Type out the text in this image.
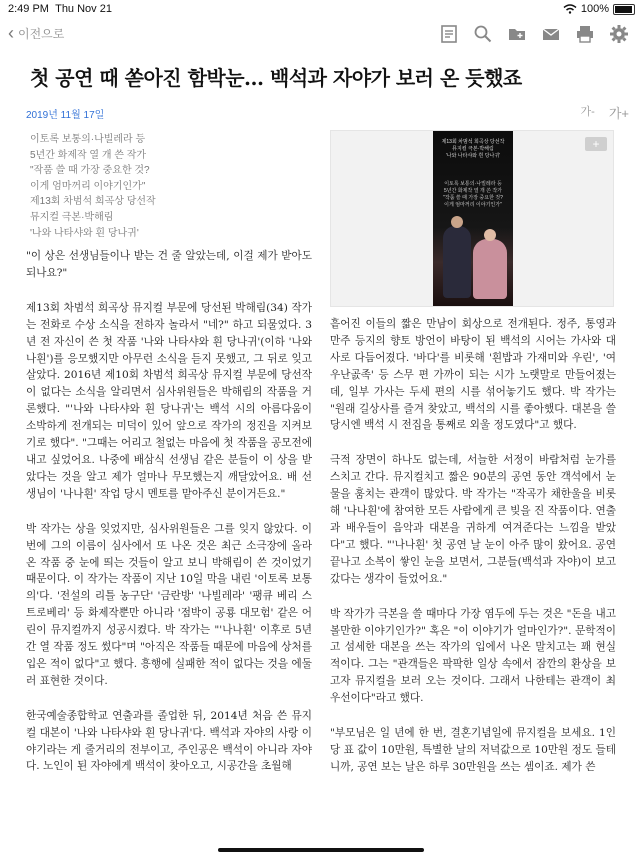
2:49 PM Thu Nov 21	100%
‹ 이전으로
첫 공연 때 쏟아진 함박눈… 백석과 자야가 보러 온 듯했죠
2019년 11월 17일	가- 가+
이토록 보통의·나빌레라 등
5년간 화제작 열 개 쓴 작가
"작품 쓸 때 가장 중요한 것?
이게 엄마꺼리 이야기인가"
제13회 차범석 희곡상 당선작
뮤지컬 극본·박해림
'나와 나타샤와 흰 당나귀'

"이 상은 선생님들이나 받는 건 줄 알았는데, 이걸 제가 받아도 되나요?"

제13회 차범석 희곡상 뮤지컬 부문에 당선된 박해림(34) 작가는 전화로 수상 소식을 전하자 놀라서 "네?" 하고 되물었다. 3년 전 자신이 쓴 첫 작품 '나와 나타샤와 흰 당나귀'(이하 '나와 나흰')를 응모했지만 아무런 소식을 듣지 못했고, 그 뒤로 잊고 살았다. 2016년 제10회 차범석 희곡상 뮤지컬 부문에 당선작이 없다는 소식을 알리면서 심사위원들은 박해림의 작품을 거론했다. "'나와 나타샤와 흰 당나귀'는 백석 시의 아름다움이 소박하게 전개되는 미덕이 있어 앞으로 작가의 정진을 지켜보기로 했다". "그때는 어리고 철없는 마음에 첫 작품을 공모전에 내고 싶었어요. 나중에 배삼식 선생님 같은 분들이 이 상을 받았다는 것을 알고 제가 얼마나 무모했는지 깨달았어요. 배 선생님이 '나나흰' 작업 당시 멘토를 맡아주신 분이거든요."

박 작가는 상을 잊었지만, 심사위원들은 그를 잊지 않았다. 이번에 그의 이름이 심사에서 또 나온 것은 최근 소극장에 올라온 작품 중 눈에 띄는 것들이 알고 보니 박해림이 쓴 것이었기 때문이다. 이 작가는 작품이 지난 10일 막을 내린 '이토록 보통의'다. '전설의 리틀 농구단' '금란방' '나빌레라' '팽큐 베리 스트로베리' 등 화제작뿐만 아니라 '점박이 공룡 대모험' 같은 어린이 뮤지컬까지 성공시켰다. 박 작가는 "'나나흰' 이후로 5년간 열 작품 정도 썼다"며 "아직은 작품들 때문에 마음에 상처를 입은 적이 없다"고 했다. 흥행에 실패한 적이 없다는 것을 에둘러 표현한 것이다.

한국예술종합학교 연출과를 졸업한 뒤, 2014년 처음 쓴 뮤지컬 대본이 '나와 나타샤와 흰 당나귀'다. 백석과 자야의 사랑 이야기라는 게 줄거리의 전부이고, 주인공은 백석이 아니라 자야다. 노인이 된 자야에게 백석이 찾아오고, 시공간을 초월해

제13회 차범석 희곡상 당선작
뮤지컬 극본·박해림
'나와 나타샤와 흰 당나귀'
이토록 보통의·나빌레라 등
5년간 화제작 열 개 쓴 작가
"작품 쓸 때 가장 중요한 것?
이게 엄마꺼리 이야기인가"
+

흩어진 이들의 짧은 만남이 회상으로 전개된다. 정주, 통영과 만주 등지의 향토 방언이 바탕이 된 백석의 시어는 가사와 대사로 다듬어졌다. '바다'를 비롯해 '흰밥과 가재미와 우린', '여우난곬족' 등 스무 편 가까이 되는 시가 노랫말로 만들어졌는데, 일부 가사는 두세 편의 시를 섞어놓기도 했다. 박 작가는 "원래 길상사를 즐겨 찾았고, 백석의 시를 좋아했다. 대본을 쓸 당시엔 백석 시 전집을 통째로 외울 정도였다"고 했다.

극적 장면이 하나도 없는데, 서늘한 서정이 바람처럼 눈가를 스치고 간다. 뮤지컬치고 짧은 90분의 공연 동안 객석에서 눈물을 훔치는 관객이 많았다. 박 작가는 "작곡가 채한울을 비롯해 '나나흰'에 참여한 모든 사람에게 큰 빚을 진 작품이다. 연출과 배우들이 음악과 대본을 귀하게 여겨준다는 느낌을 받았다"고 했다. "'나나흰' 첫 공연 날 눈이 아주 많이 왔어요. 공연 끝나고 소복이 쌓인 눈을 보면서, 그분들(백석과 자야)이 보고 갔다는 생각이 들었어요."

박 작가가 극본을 쓸 때마다 가장 염두에 두는 것은 "돈을 내고 볼만한 이야기인가?" 혹은 "이 이야기가 얼마인가?". 문학적이고 섬세한 대본을 쓰는 작가의 입에서 나온 말치고는 꽤 현실적이다. 그는 "관객들은 팍팍한 일상 속에서 잠깐의 환상을 보고자 뮤지컬을 보러 오는 것이다. 그래서 나한테는 관객이 최우선이다"라고 했다.

"부모님은 일 년에 한 번, 결혼기념일에 뮤지컬을 보세요. 1인당 표 값이 10만원, 특별한 날의 저녁값으로 10만원 정도 들테니까, 공연 보는 날은 하루 30만원을 쓰는 셈이죠. 제가 쓴
